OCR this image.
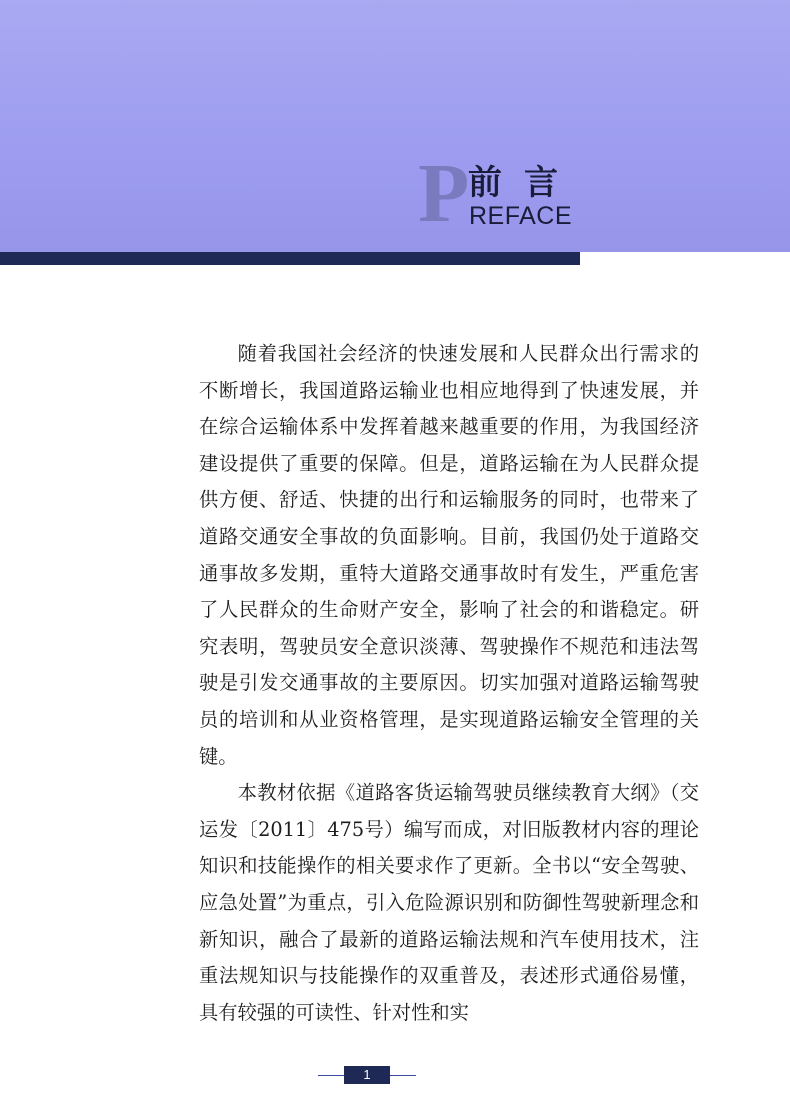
P

前言

REFACE

随着我国社会经济的快速发展和人民群众出行需求的不断增长，我国道路运输业也相应地得到了快速发展，并在综合运输体系中发挥着越来越重要的作用，为我国经济建设提供了重要的保障。但是，道路运输在为人民群众提供方便、舒适、快捷的出行和运输服务的同时，也带来了道路交通安全事故的负面影响。目前，我国仍处于道路交通事故多发期，重特大道路交通事故时有发生，严重危害了人民群众的生命财产安全，影响了社会的和谐稳定。研究表明，驾驶员安全意识淡薄、驾驶操作不规范和违法驾驶是引发交通事故的主要原因。切实加强对道路运输驾驶员的培训和从业资格管理，是实现道路运输安全管理的关键。

本教材依据《道路客货运输驾驶员继续教育大纲》（交运发〔2011〕475号）编写而成，对旧版教材内容的理论知识和技能操作的相关要求作了更新。全书以“安全驾驶、应急处置”为重点，引入危险源识别和防御性驾驶新理念和新知识，融合了最新的道路运输法规和汽车使用技术，注重法规知识与技能操作的双重普及，表述形式通俗易懂，具有较强的可读性、针对性和实

1
